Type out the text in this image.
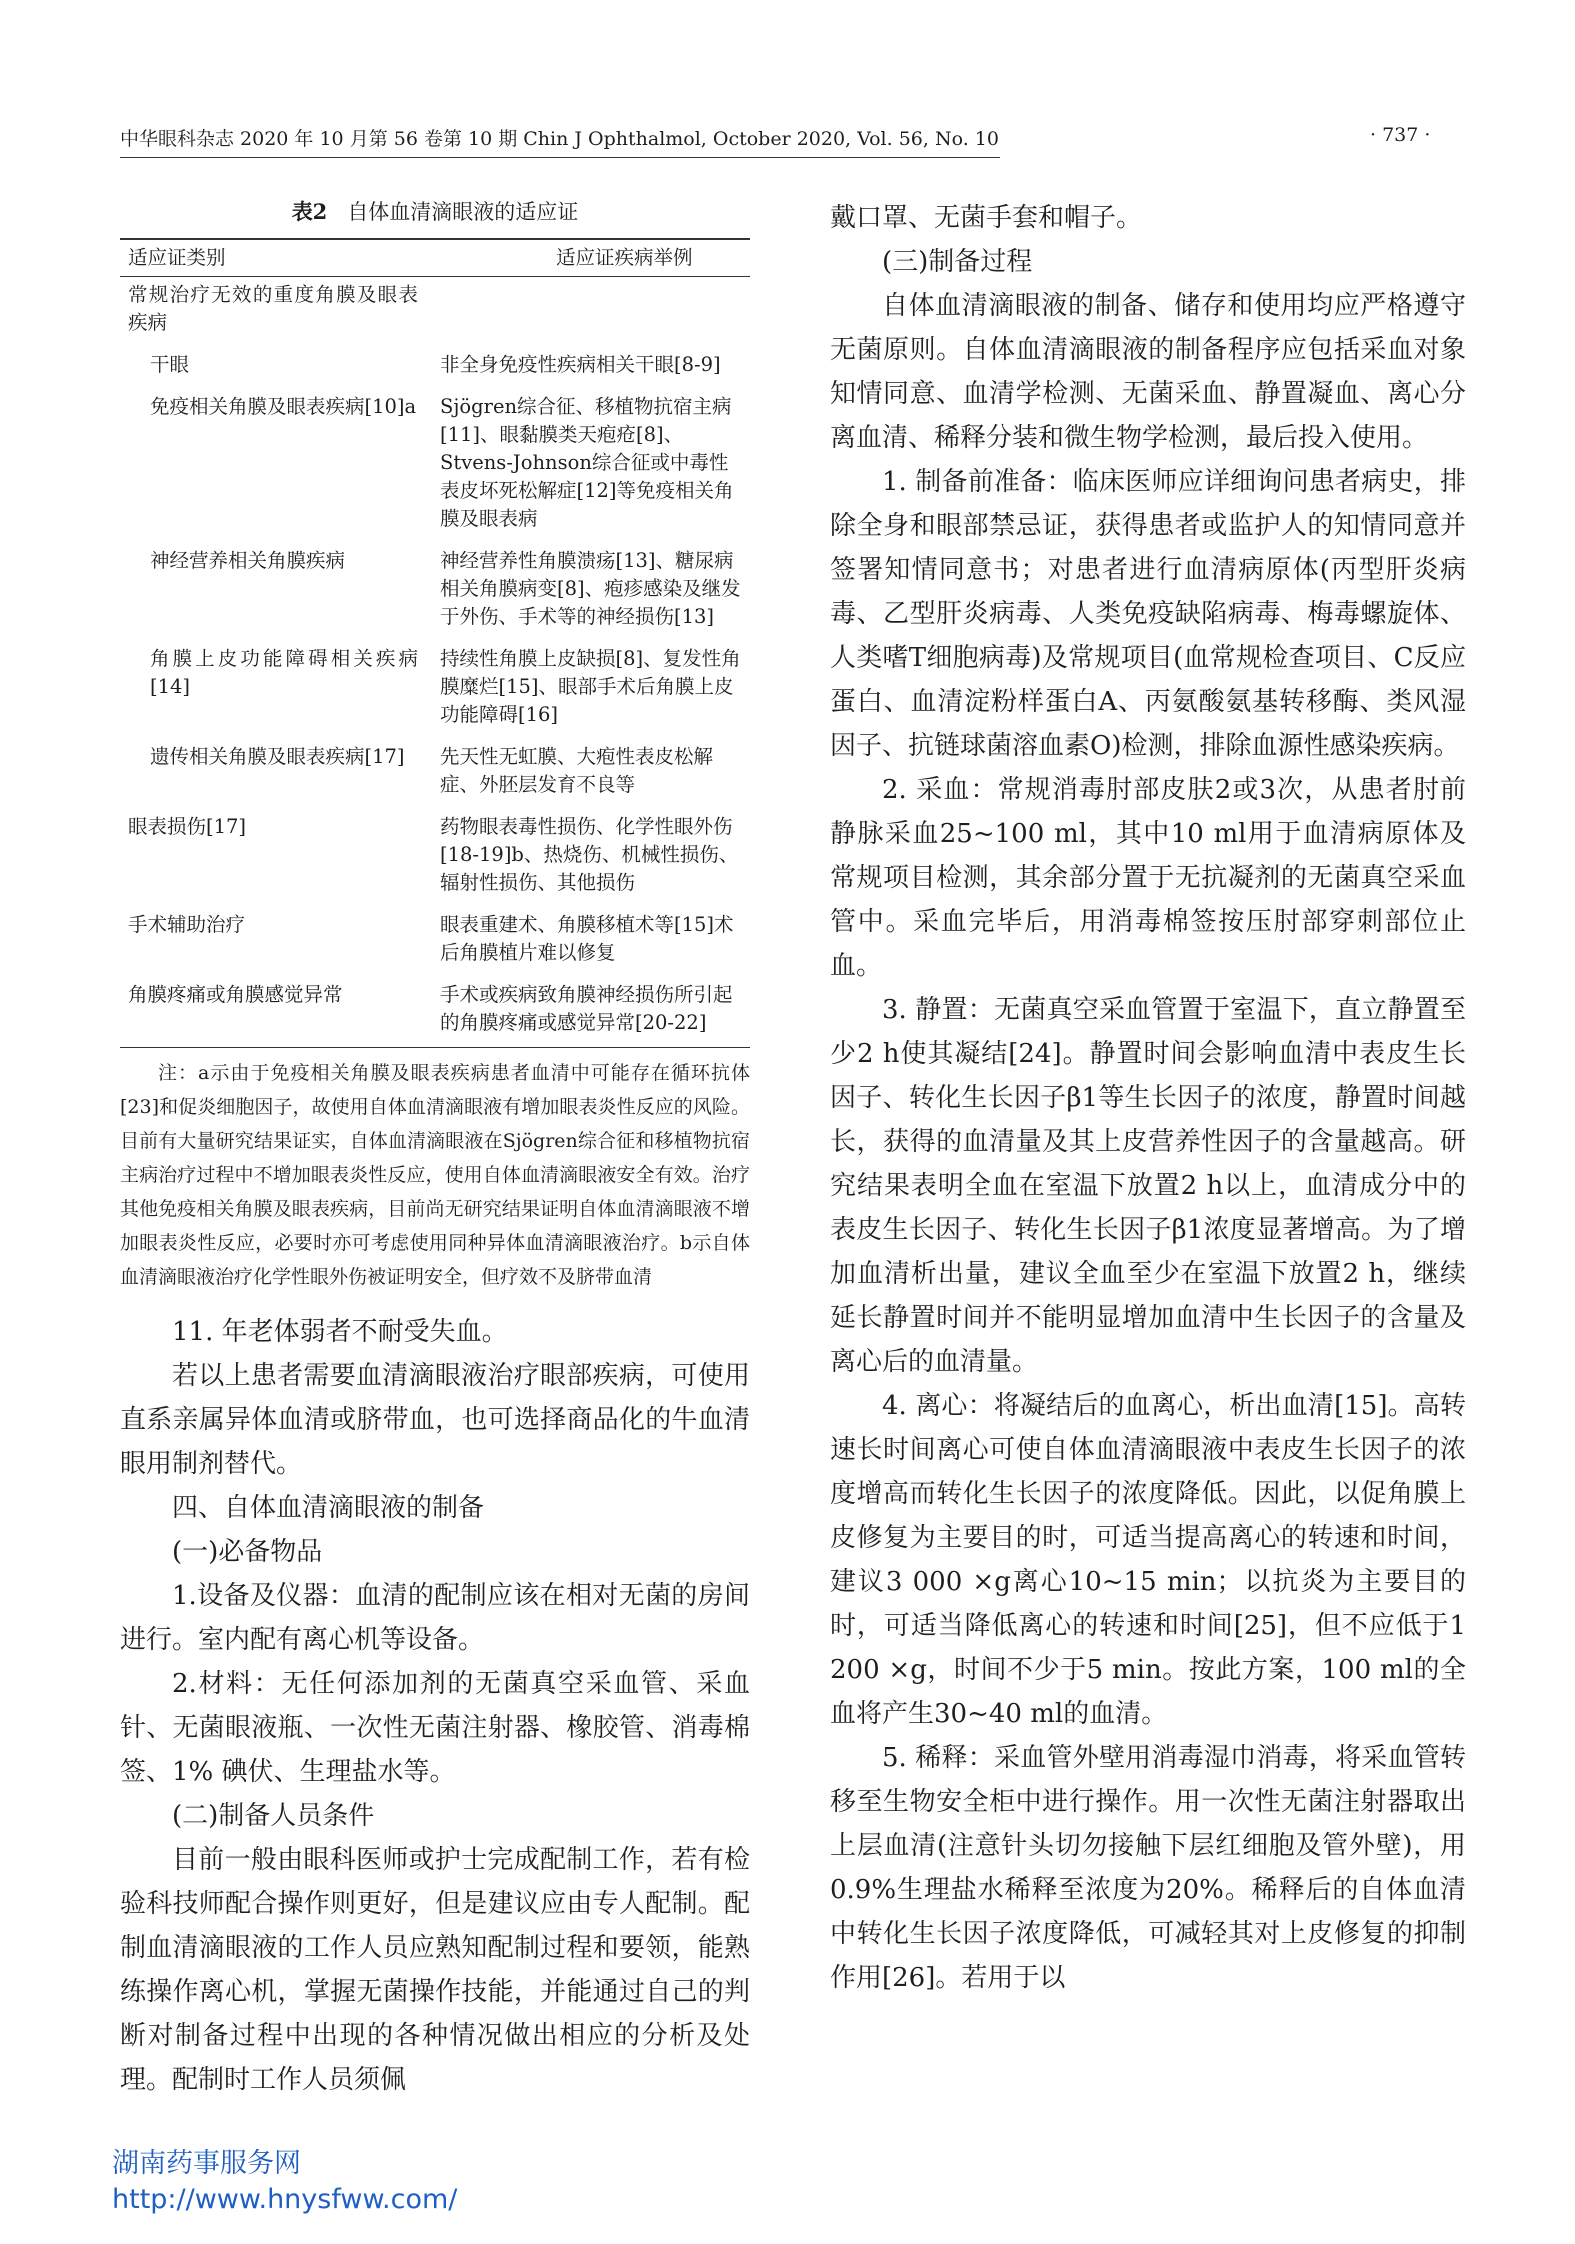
中华眼科杂志 2020 年 10 月第 56 卷第 10 期 Chin J Ophthalmol, October 2020, Vol. 56, No. 10	· 737 ·
表2 自体血清滴眼液的适应证
适应证类别	适应证疾病举例
常规治疗无效的重度角膜及眼表疾病	
干眼	非全身免疫性疾病相关干眼[8-9]
免疫相关角膜及眼表疾病[10]a	Sjögren综合征、移植物抗宿主病[11]、眼黏膜类天疱疮[8]、Stvens-Johnson综合征或中毒性表皮坏死松解症[12]等免疫相关角膜及眼表病
神经营养相关角膜疾病	神经营养性角膜溃疡[13]、糖尿病相关角膜病变[8]、疱疹感染及继发于外伤、手术等的神经损伤[13]
角膜上皮功能障碍相关疾病[14]	持续性角膜上皮缺损[8]、复发性角膜糜烂[15]、眼部手术后角膜上皮功能障碍[16]
遗传相关角膜及眼表疾病[17]	先天性无虹膜、大疱性表皮松解症、外胚层发育不良等
眼表损伤[17]	药物眼表毒性损伤、化学性眼外伤[18-19]b、热烧伤、机械性损伤、辐射性损伤、其他损伤
手术辅助治疗	眼表重建术、角膜移植术等[15]术后角膜植片难以修复
角膜疼痛或角膜感觉异常	手术或疾病致角膜神经损伤所引起的角膜疼痛或感觉异常[20-22]
注：a示由于免疫相关角膜及眼表疾病患者血清中可能存在循环抗体[23]和促炎细胞因子，故使用自体血清滴眼液有增加眼表炎性反应的风险。目前有大量研究结果证实，自体血清滴眼液在Sjögren综合征和移植物抗宿主病治疗过程中不增加眼表炎性反应，使用自体血清滴眼液安全有效。治疗其他免疫相关角膜及眼表疾病，目前尚无研究结果证明自体血清滴眼液不增加眼表炎性反应，必要时亦可考虑使用同种异体血清滴眼液治疗。b示自体血清滴眼液治疗化学性眼外伤被证明安全，但疗效不及脐带血清

11. 年老体弱者不耐受失血。

若以上患者需要血清滴眼液治疗眼部疾病，可使用直系亲属异体血清或脐带血，也可选择商品化的牛血清眼用制剂替代。

四、自体血清滴眼液的制备

(一)必备物品

1.设备及仪器：血清的配制应该在相对无菌的房间进行。室内配有离心机等设备。

2.材料：无任何添加剂的无菌真空采血管、采血针、无菌眼液瓶、一次性无菌注射器、橡胶管、消毒棉签、1% 碘伏、生理盐水等。

(二)制备人员条件

目前一般由眼科医师或护士完成配制工作，若有检验科技师配合操作则更好，但是建议应由专人配制。配制血清滴眼液的工作人员应熟知配制过程和要领，能熟练操作离心机，掌握无菌操作技能，并能通过自己的判断对制备过程中出现的各种情况做出相应的分析及处理。配制时工作人员须佩

戴口罩、无菌手套和帽子。

(三)制备过程

自体血清滴眼液的制备、储存和使用均应严格遵守无菌原则。自体血清滴眼液的制备程序应包括采血对象知情同意、血清学检测、无菌采血、静置凝血、离心分离血清、稀释分装和微生物学检测，最后投入使用。

1. 制备前准备：临床医师应详细询问患者病史，排除全身和眼部禁忌证，获得患者或监护人的知情同意并签署知情同意书；对患者进行血清病原体(丙型肝炎病毒、乙型肝炎病毒、人类免疫缺陷病毒、梅毒螺旋体、人类嗜T细胞病毒)及常规项目(血常规检查项目、C反应蛋白、血清淀粉样蛋白A、丙氨酸氨基转移酶、类风湿因子、抗链球菌溶血素O)检测，排除血源性感染疾病。

2. 采血：常规消毒肘部皮肤2或3次，从患者肘前静脉采血25~100 ml，其中10 ml用于血清病原体及常规项目检测，其余部分置于无抗凝剂的无菌真空采血管中。采血完毕后，用消毒棉签按压肘部穿刺部位止血。

3. 静置：无菌真空采血管置于室温下，直立静置至少2 h使其凝结[24]。静置时间会影响血清中表皮生长因子、转化生长因子β1等生长因子的浓度，静置时间越长，获得的血清量及其上皮营养性因子的含量越高。研究结果表明全血在室温下放置2 h以上，血清成分中的表皮生长因子、转化生长因子β1浓度显著增高。为了增加血清析出量，建议全血至少在室温下放置2 h，继续延长静置时间并不能明显增加血清中生长因子的含量及离心后的血清量。

4. 离心：将凝结后的血离心，析出血清[15]。高转速长时间离心可使自体血清滴眼液中表皮生长因子的浓度增高而转化生长因子的浓度降低。因此，以促角膜上皮修复为主要目的时，可适当提高离心的转速和时间，建议3 000 ×g离心10~15 min；以抗炎为主要目的时，可适当降低离心的转速和时间[25]，但不应低于1 200 ×g，时间不少于5 min。按此方案，100 ml的全血将产生30~40 ml的血清。

5. 稀释：采血管外壁用消毒湿巾消毒，将采血管转移至生物安全柜中进行操作。用一次性无菌注射器取出上层血清(注意针头切勿接触下层红细胞及管外壁)，用0.9%生理盐水稀释至浓度为20%。稀释后的自体血清中转化生长因子浓度降低，可减轻其对上皮修复的抑制作用[26]。若用于以

湖南药事服务网
http://www.hnysfww.com/
